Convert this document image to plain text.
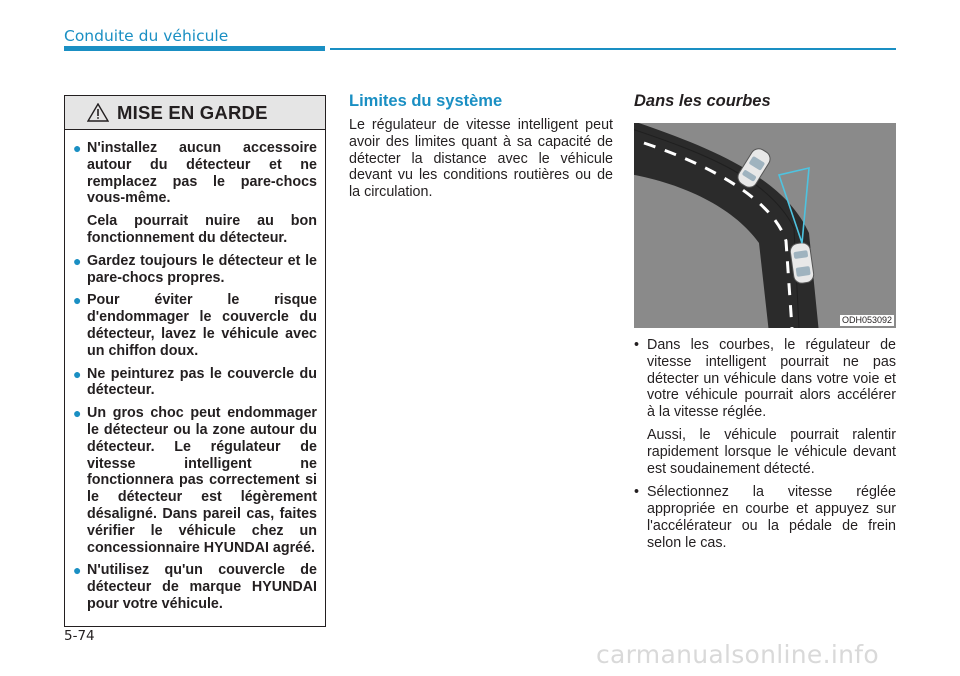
Conduite du véhicule
MISE EN GARDE
● N'installez aucun accessoire autour du détecteur et ne remplacez pas le pare-chocs vous-même.
Cela pourrait nuire au bon fonctionnement du détecteur.
● Gardez toujours le détecteur et le pare-chocs propres.
● Pour éviter le risque d'endommager le couvercle du détecteur, lavez le véhicule avec un chiffon doux.
● Ne peinturez pas le couvercle du détecteur.
● Un gros choc peut endommager le détecteur ou la zone autour du détecteur. Le régulateur de vitesse intelligent ne fonctionnera pas correctement si le détecteur est légèrement désaligné. Dans pareil cas, faites vérifier le véhicule chez un concessionnaire HYUNDAI agréé.
● N'utilisez qu'un couvercle de détecteur de marque HYUNDAI pour votre véhicule.
Limites du système
Le régulateur de vitesse intelligent peut avoir des limites quant à sa capacité de détecter la distance avec le véhicule devant vu les conditions routières ou de la circulation.
Dans les courbes
ODH053092
• Dans les courbes, le régulateur de vitesse intelligent pourrait ne pas détecter un véhicule dans votre voie et votre véhicule pourrait alors accélérer à la vitesse réglée.
Aussi, le véhicule pourrait ralentir rapidement lorsque le véhicule devant est soudainement détecté.
• Sélectionnez la vitesse réglée appropriée en courbe et appuyez sur l'accélérateur ou la pédale de frein selon le cas.
5-74
carmanualsonline.info
